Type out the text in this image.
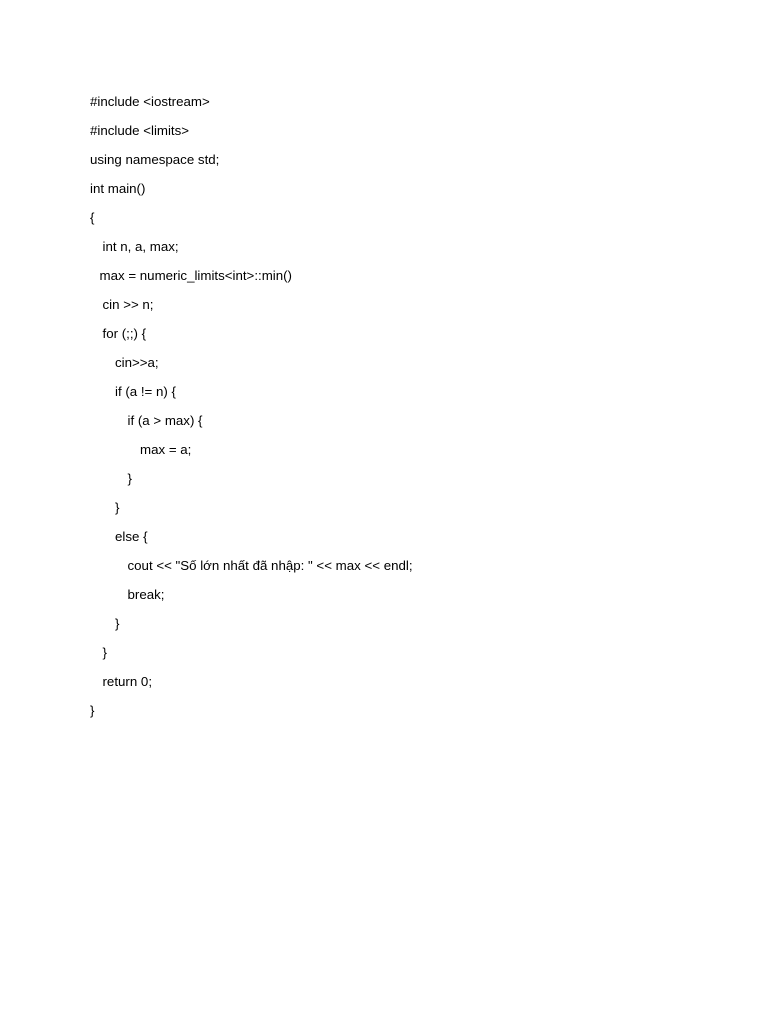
#include <iostream>
#include <limits>
using namespace std;
int main()
{
int n, a, max;
max = numeric_limits<int>::min()
cin >> n;
for (;;) {
cin>>a;
if (a != n) {
if (a > max) {
max = a;
}
}
else {
cout << "Số lớn nhất đã nhập: " << max << endl;
break;
}
}
return 0;
}
